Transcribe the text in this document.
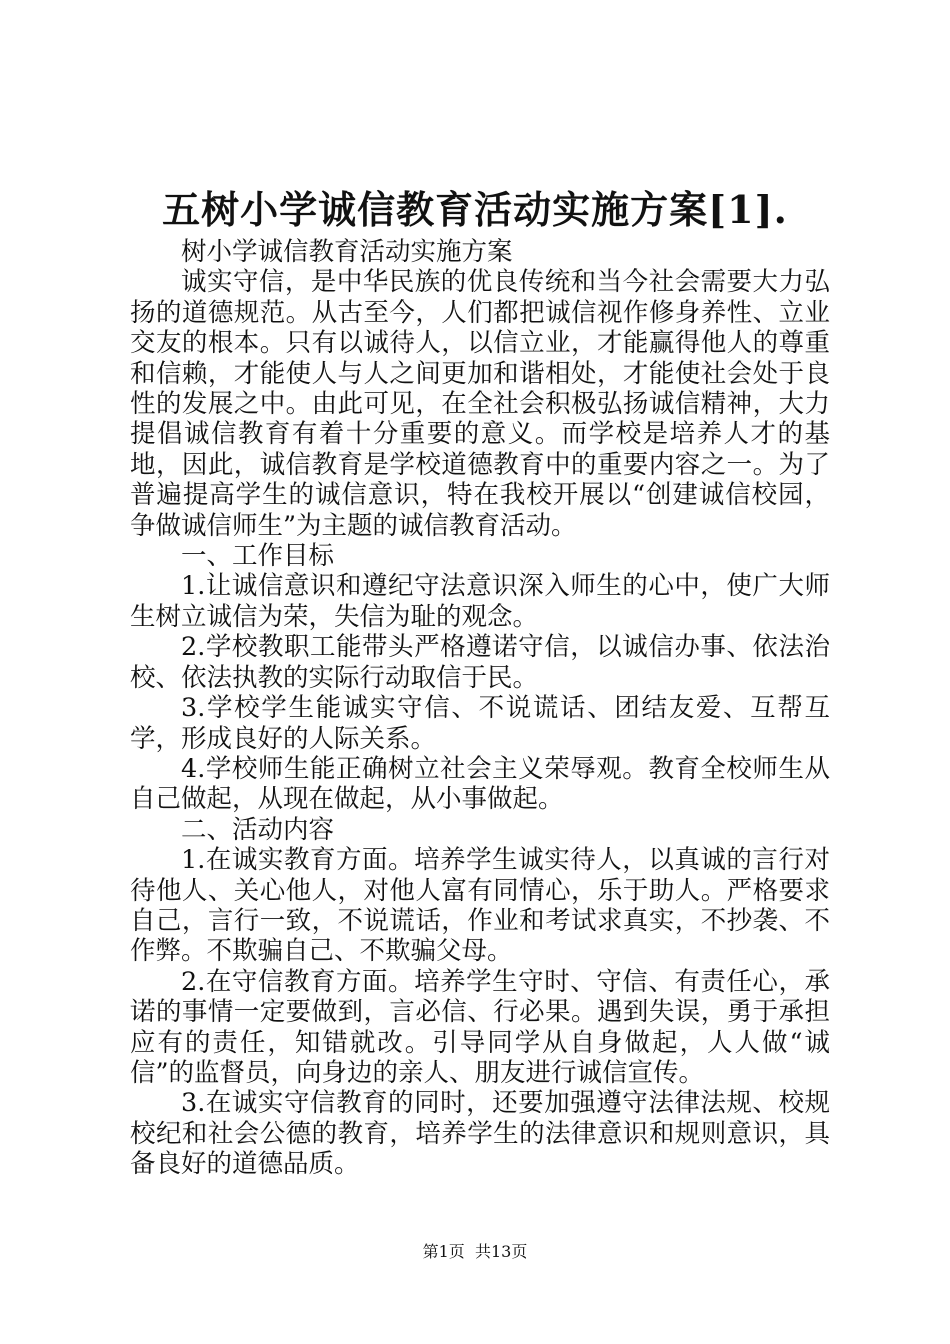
五树小学诚信教育活动实施方案[1].

树小学诚信教育活动实施方案

诚实守信，是中华民族的优良传统和当今社会需要大力弘扬的道德规范。从古至今，人们都把诚信视作修身养性、立业交友的根本。只有以诚待人，以信立业，才能赢得他人的尊重和信赖，才能使人与人之间更加和谐相处，才能使社会处于良性的发展之中。由此可见，在全社会积极弘扬诚信精神，大力提倡诚信教育有着十分重要的意义。而学校是培养人才的基地，因此，诚信教育是学校道德教育中的重要内容之一。为了普遍提高学生的诚信意识，特在我校开展以“创建诚信校园，争做诚信师生”为主题的诚信教育活动。

一、工作目标

1.让诚信意识和遵纪守法意识深入师生的心中，使广大师生树立诚信为荣，失信为耻的观念。

2.学校教职工能带头严格遵诺守信，以诚信办事、依法治校、依法执教的实际行动取信于民。

3.学校学生能诚实守信、不说谎话、团结友爱、互帮互学，形成良好的人际关系。

4.学校师生能正确树立社会主义荣辱观。教育全校师生从自己做起，从现在做起，从小事做起。

二、活动内容

1.在诚实教育方面。培养学生诚实待人，以真诚的言行对待他人、关心他人，对他人富有同情心，乐于助人。严格要求自己，言行一致，不说谎话，作业和考试求真实，不抄袭、不作弊。不欺骗自己、不欺骗父母。

2.在守信教育方面。培养学生守时、守信、有责任心，承诺的事情一定要做到，言必信、行必果。遇到失误，勇于承担应有的责任，知错就改。引导同学从自身做起，人人做“诚信”的监督员，向身边的亲人、朋友进行诚信宣传。

3.在诚实守信教育的同时，还要加强遵守法律法规、校规校纪和社会公德的教育，培养学生的法律意识和规则意识，具备良好的道德品质。

第1页 共13页
